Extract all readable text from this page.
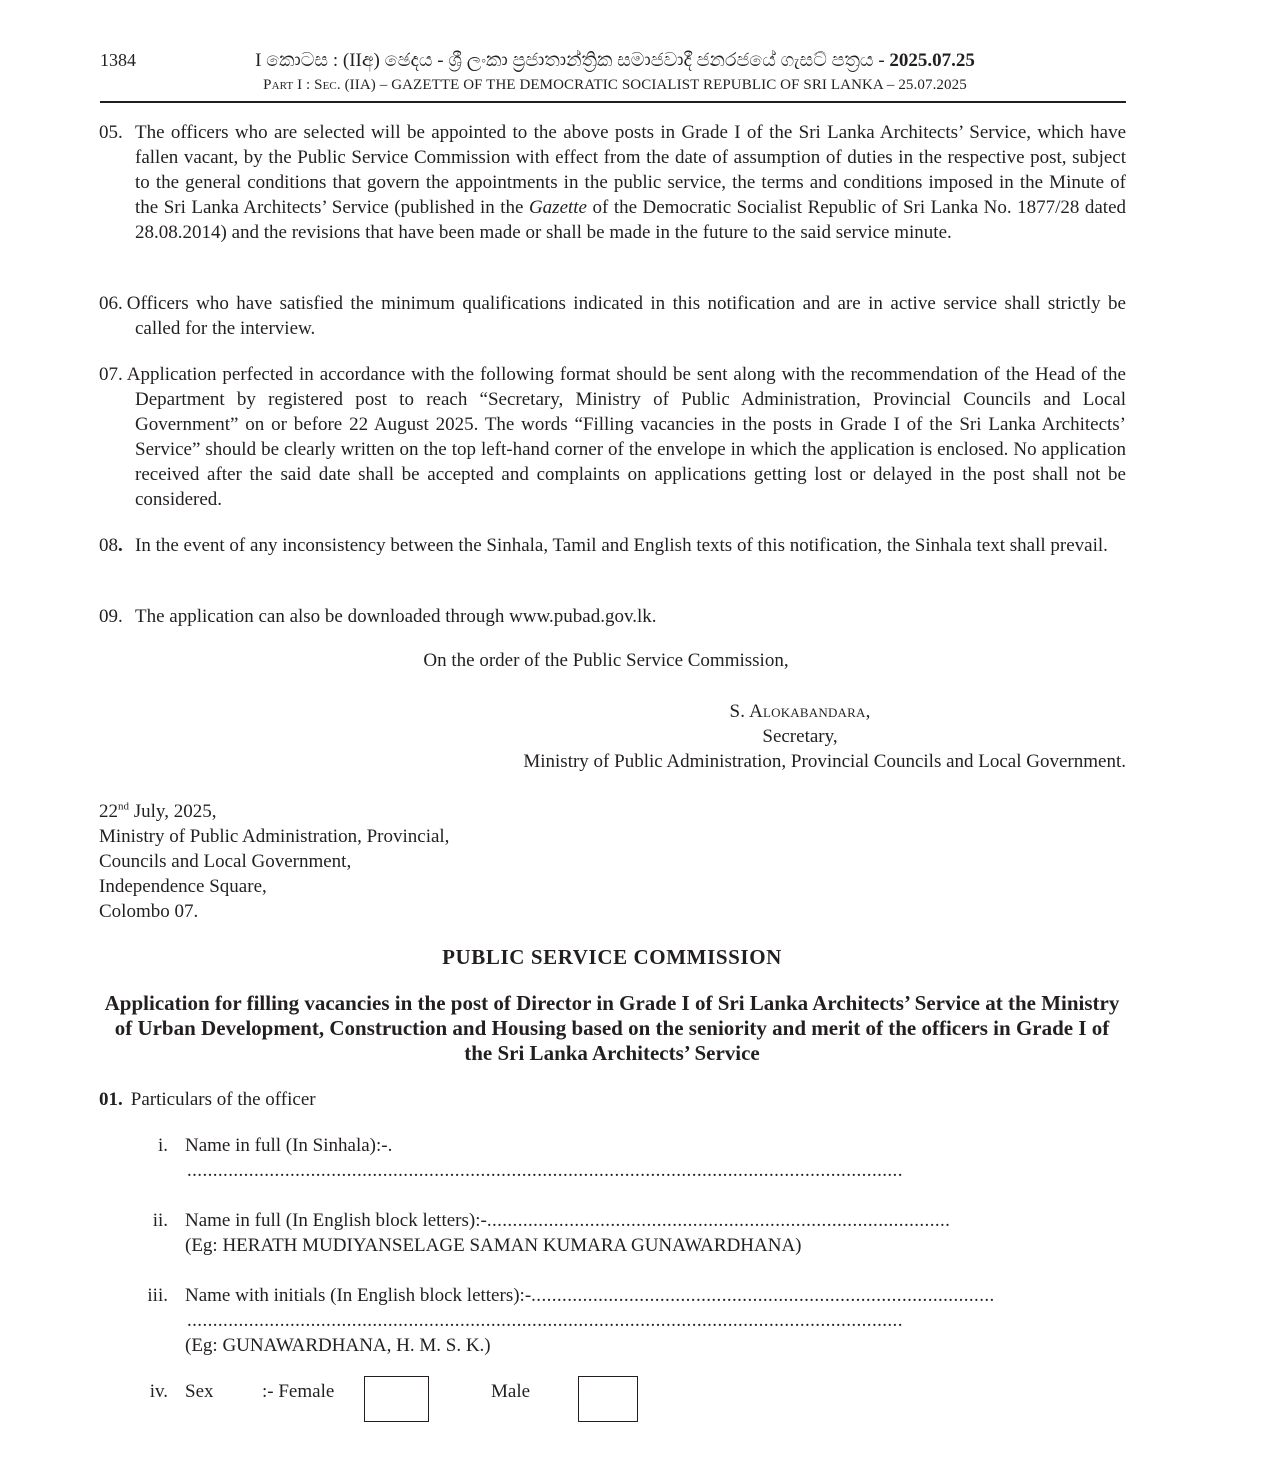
1384	I කොටස : (IIඅ) ඡෙදය - ශ්‍රී ලංකා ප්‍රජාතාන්ත්‍රික සමාජවාදී ජනරජයේ ගැසට් පත්‍රය - 2025.07.25
Part I : Sec. (IIA) – GAZETTE OF THE DEMOCRATIC SOCIALIST REPUBLIC OF SRI LANKA – 25.07.2025
05. The officers who are selected will be appointed to the above posts in Grade I of the Sri Lanka Architects’ Service, which have fallen vacant, by the Public Service Commission with effect from the date of assumption of duties in the respective post, subject to the general conditions that govern the appointments in the public service, the terms and conditions imposed in the Minute of the Sri Lanka Architects’ Service (published in the Gazette of the Democratic Socialist Republic of Sri Lanka No. 1877/28 dated 28.08.2014) and the revisions that have been made or shall be made in the future to the said service minute.
06. Officers who have satisfied the minimum qualifications indicated in this notification and are in active service shall strictly be called for the interview.
07. Application perfected in accordance with the following format should be sent along with the recommendation of the Head of the Department by registered post to reach “Secretary, Ministry of Public Administration, Provincial Councils and Local Government” on or before 22 August 2025. The words “Filling vacancies in the posts in Grade I of the Sri Lanka Architects’ Service” should be clearly written on the top left-hand corner of the envelope in which the application is enclosed. No application received after the said date shall be accepted and complaints on applications getting lost or delayed in the post shall not be considered.
08. In the event of any inconsistency between the Sinhala, Tamil and English texts of this notification, the Sinhala text shall prevail.
09. The application can also be downloaded through www.pubad.gov.lk.
On the order of the Public Service Commission,
S. Alokabandara,
Secretary,
Ministry of Public Administration, Provincial Councils and Local Government.
22nd July, 2025,
Ministry of Public Administration, Provincial,
Councils and Local Government,
Independence Square,
Colombo 07.
PUBLIC SERVICE COMMISSION
Application for filling vacancies in the post of Director in Grade I of Sri Lanka Architects’ Service at the Ministry of Urban Development, Construction and Housing based on the seniority and merit of the officers in Grade I of the Sri Lanka Architects’ Service
01. Particulars of the officer
i. Name in full (In Sinhala):-.
...........................................................................................................................................
ii. Name in full (In English block letters):-..........................................................................................
(Eg: HERATH MUDIYANSELAGE SAMAN KUMARA GUNAWARDHANA)
iii. Name with initials (In English block letters):-..........................................................................................
...........................................................................................................................................
(Eg: GUNAWARDHANA, H. M. S. K.)
iv. Sex	:- Female	Male
